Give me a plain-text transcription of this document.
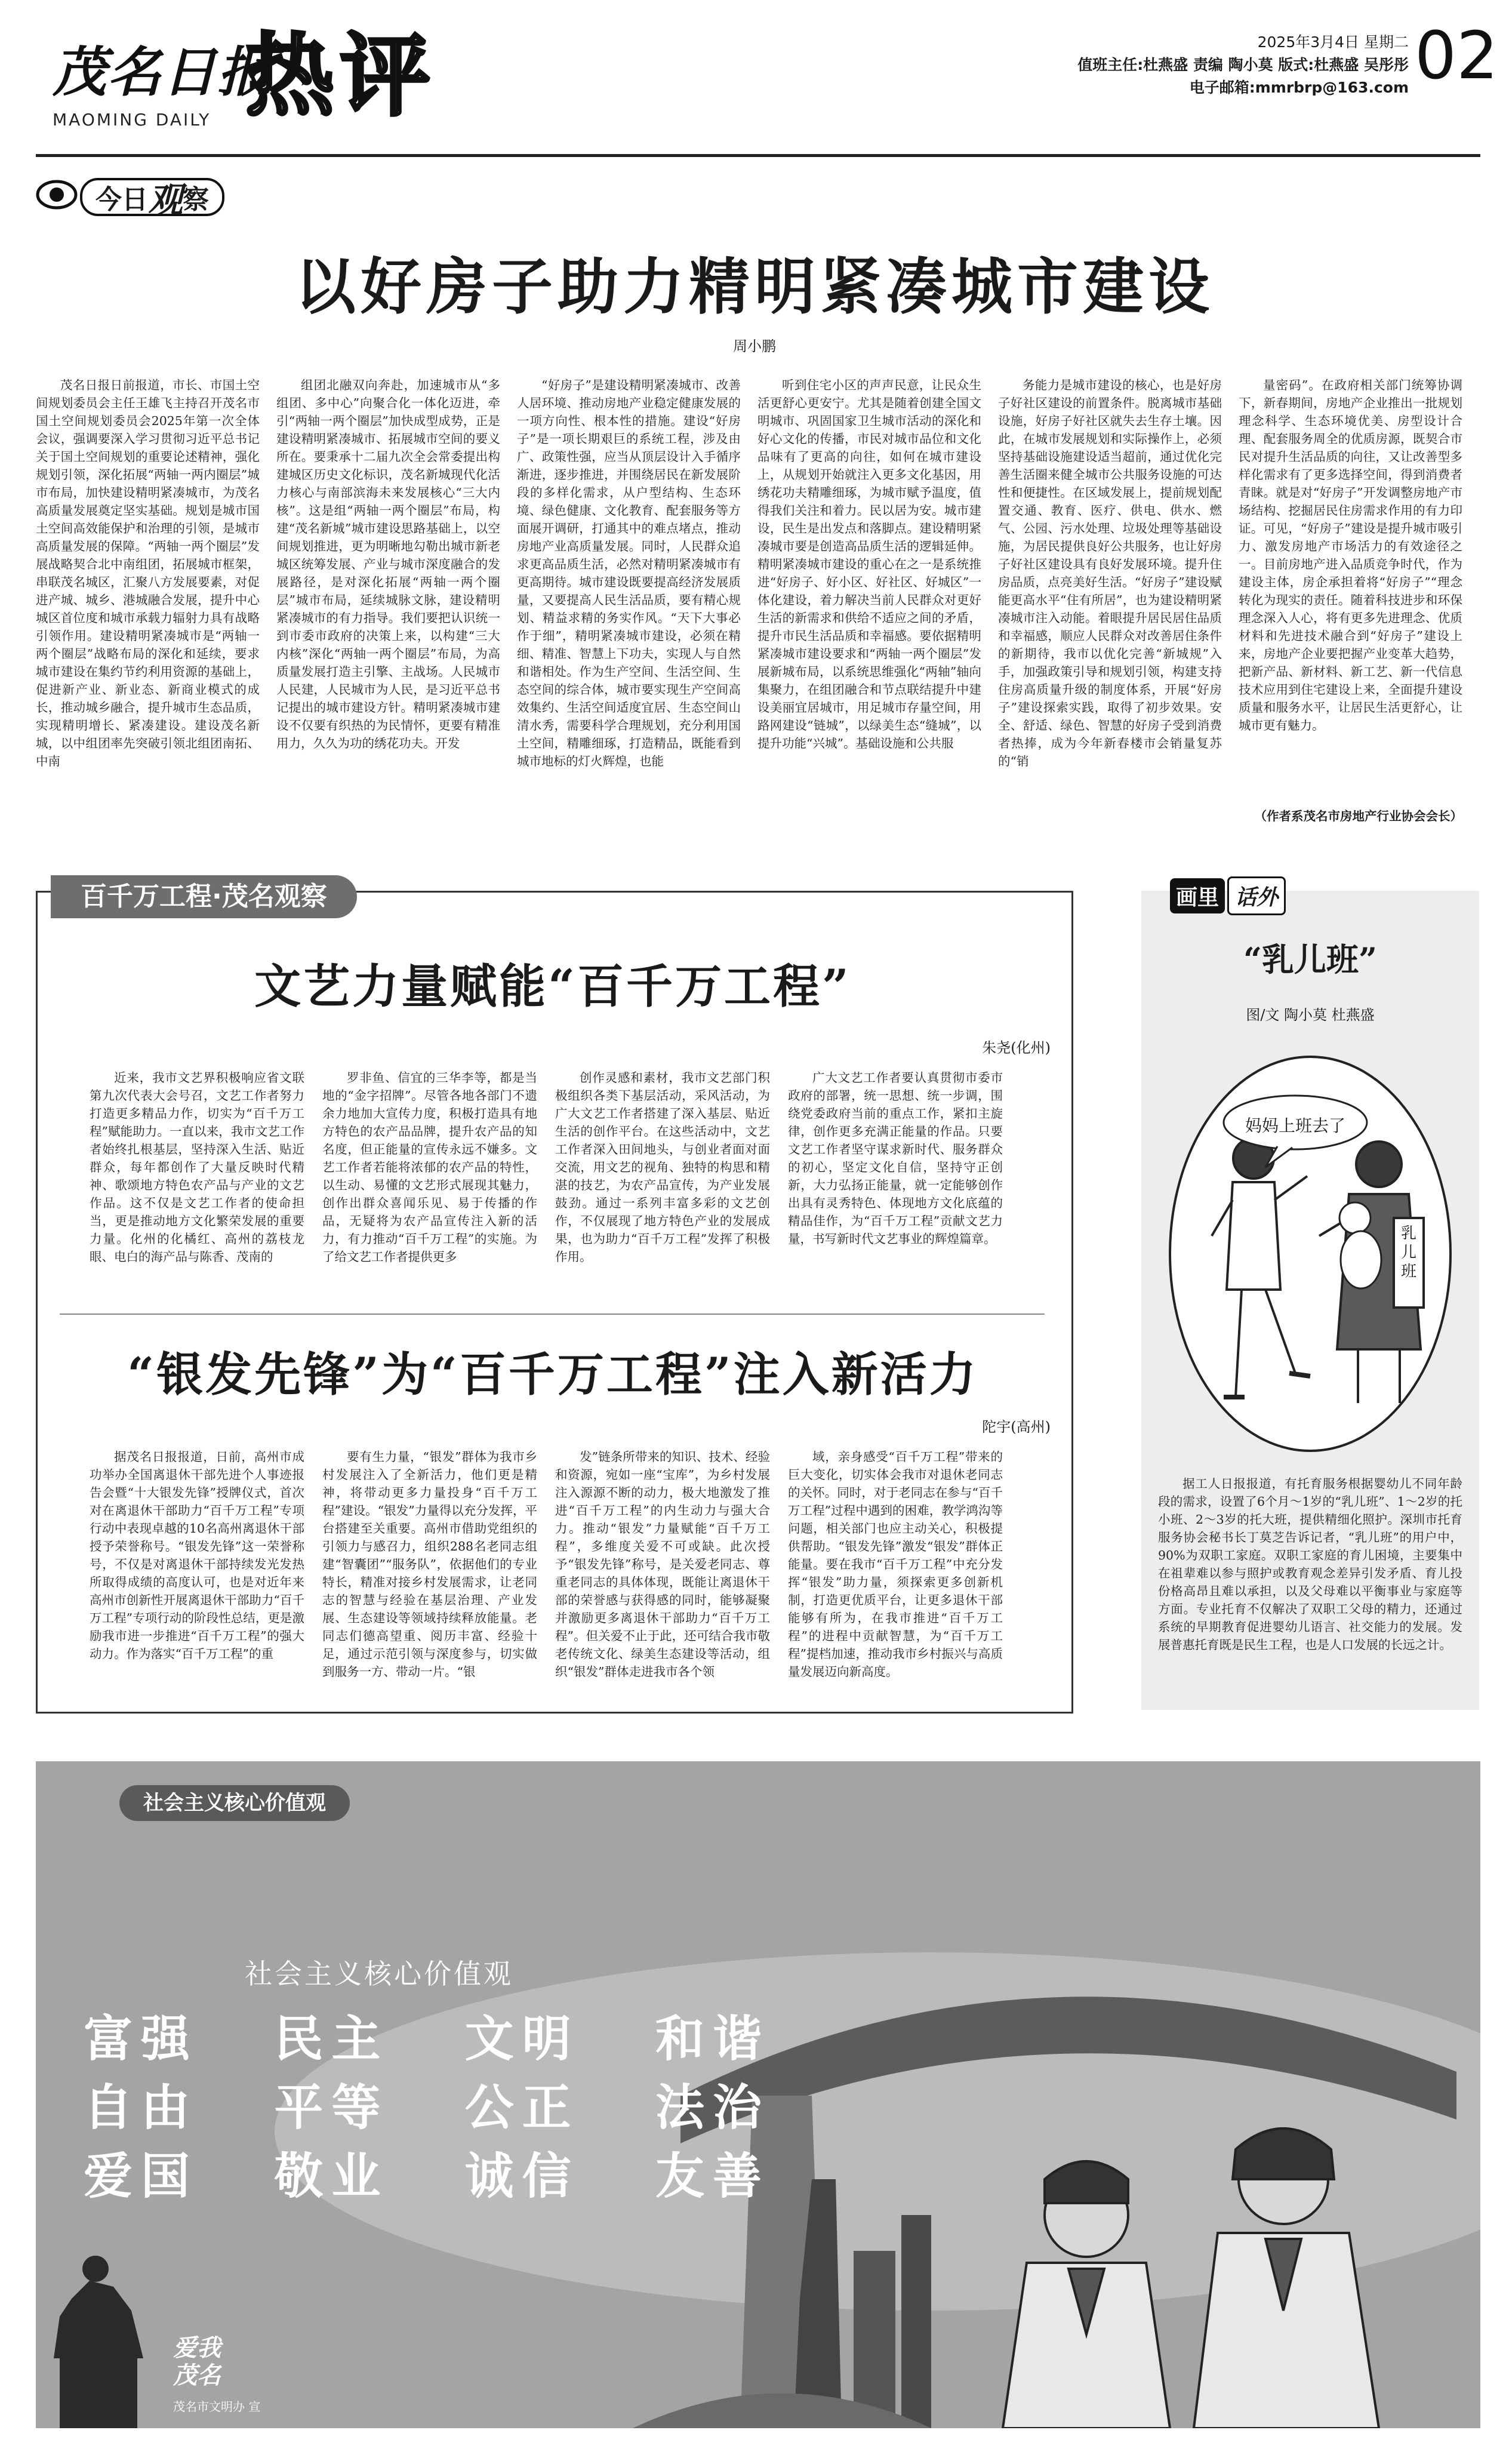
茂名日报
MAOMING DAILY 热评	2025年3月4日 星期二
值班主任:杜燕盛 责编 陶小莫 版式:杜燕盛 吴彤彤
电子邮箱:mmrbrp@163.com 02
今日 观 察
以好房子助力精明紧凑城市建设
周小鹏

茂名日报日前报道，市长、市国土空间规划委员会主任王雄飞主持召开茂名市国土空间规划委员会2025年第一次全体会议，强调要深入学习贯彻习近平总书记关于国土空间规划的重要论述精神，强化规划引领，深化拓展“两轴一两内圈层”城市布局，加快建设精明紧凑城市，为茂名高质量发展奠定坚实基础。规划是城市国土空间高效能保护和治理的引领，是城市高质量发展的保障。“两轴一两个圈层”发展战略契合北中南组团，拓展城市框架，串联茂名城区，汇聚八方发展要素，对促进产城、城乡、港城融合发展，提升中心城区首位度和城市承载力辐射力具有战略引领作用。建设精明紧凑城市是“两轴一两个圈层”战略布局的深化和延续，要求城市建设在集约节约利用资源的基础上，促进新产业、新业态、新商业模式的成长，推动城乡融合，提升城市生态品质，实现精明增长、紧凑建设。建设茂名新城，以中组团率先突破引领北组团南拓、中南

组团北融双向奔赴，加速城市从“多组团、多中心”向聚合化一体化迈进，牵引“两轴一两个圈层”加快成型成势，正是建设精明紧凑城市、拓展城市空间的要义所在。要秉承十二届九次全会常委提出构建城区历史文化标识，茂名新城现代化活力核心与南部滨海未来发展核心“三大内核”。这是组“两轴一两个圈层”布局，构建“茂名新城”城市建设思路基础上，以空间规划推进，更为明晰地勾勒出城市新老城区统筹发展、产业与城市深度融合的发展路径，是对深化拓展“两轴一两个圈层”城市布局，延续城脉文脉，建设精明紧凑城市的有力指导。我们要把认识统一到市委市政府的决策上来，以构建“三大内核”深化“两轴一两个圈层”布局，为高质量发展打造主引擎、主战场。人民城市人民建，人民城市为人民，是习近平总书记提出的城市建设方针。精明紧凑城市建设不仅要有织热的为民情怀，更要有精准用力，久久为功的绣花功夫。开发

“好房子”是建设精明紧凑城市、改善人居环境、推动房地产业稳定健康发展的一项方向性、根本性的措施。建设“好房子”是一项长期艰巨的系统工程，涉及由广、政策性强，应当从顶层设计入手循序渐进，逐步推进，并围绕居民在新发展阶段的多样化需求，从户型结构、生态环境、绿色健康、文化教育、配套服务等方面展开调研，打通其中的难点堵点，推动房地产业高质量发展。同时，人民群众追求更高品质生活，必然对精明紧凑城市有更高期待。城市建设既要提高经济发展质量，又要提高人民生活品质，要有精心规划、精益求精的务实作风。“天下大事必作于细”，精明紧凑城市建设，必须在精细、精准、智慧上下功夫，实现人与自然和谐相处。作为生产空间、生活空间、生态空间的综合体，城市要实现生产空间高效集约、生活空间适度宜居、生态空间山清水秀，需要科学合理规划，充分利用国土空间，精雕细琢，打造精品，既能看到城市地标的灯火辉煌，也能

听到住宅小区的声声民意，让民众生活更舒心更安宁。尤其是随着创建全国文明城市、巩固国家卫生城市活动的深化和好心文化的传播，市民对城市品位和文化品味有了更高的向往，如何在城市建设上，从规划开始就注入更多文化基因，用绣花功夫精雕细琢，为城市赋予温度，值得我们关注和着力。民以居为安。城市建设，民生是出发点和落脚点。建设精明紧凑城市要是创造高品质生活的逻辑延伸。精明紧凑城市建设的重心在之一是系统推进“好房子、好小区、好社区、好城区”一体化建设，着力解决当前人民群众对更好生活的新需求和供给不适应之间的矛盾，提升市民生活品质和幸福感。要依据精明紧凑城市建设要求和“两轴一两个圈层”发展新城布局，以系统思维强化“两轴”轴向集聚力，在组团融合和节点联结提升中建设美丽宜居城市，用足城市存量空间，用路网建设“链城”，以绿美生态“缝城”，以提升功能“兴城”。基础设施和公共服

务能力是城市建设的核心，也是好房子好社区建设的前置条件。脱离城市基础设施，好房子好社区就失去生存土壤。因此，在城市发展规划和实际操作上，必须坚持基础设施建设适当超前，通过优化完善生活圈来健全城市公共服务设施的可达性和便捷性。在区域发展上，提前规划配置交通、教育、医疗、供电、供水、燃气、公园、污水处理、垃圾处理等基础设施，为居民提供良好公共服务，也让好房子好社区建设具有良好发展环境。提升住房品质，点亮美好生活。“好房子”建设赋能更高水平“住有所居”，也为建设精明紧凑城市注入动能。着眼提升居民居住品质和幸福感，顺应人民群众对改善居住条件的新期待，我市以优化完善“新城规”入手，加强政策引导和规划引领，构建支持住房高质量升级的制度体系，开展“好房子”建设探索实践，取得了初步效果。安全、舒适、绿色、智慧的好房子受到消费者热捧，成为今年新春楼市会销量复苏的“销

量密码”。在政府相关部门统筹协调下，新春期间，房地产企业推出一批规划理念科学、生态环境优美、房型设计合理、配套服务周全的优质房源，既契合市民对提升生活品质的向往，又让改善型多样化需求有了更多选择空间，得到消费者青睐。就是对“好房子”开发调整房地产市场结构、挖掘居民住房需求作用的有力印证。可见，“好房子”建设是提升城市吸引力、激发房地产市场活力的有效途径之一。目前房地产进入品质竞争时代，作为建设主体，房企承担着将“好房子”“理念转化为现实的责任。随着科技进步和环保理念深入人心，将有更多先进理念、优质材料和先进技术融合到“好房子”建设上来，房地产企业要把握产业变革大趋势，把新产品、新材料、新工艺、新一代信息技术应用到住宅建设上来，全面提升建设质量和服务水平，让居民生活更舒心，让城市更有魅力。

（作者系茂名市房地产行业协会会长）
百千万工程·茂名观察
文艺力量赋能“百千万工程”
朱尧(化州)

近来，我市文艺界积极响应省文联第九次代表大会号召，文艺工作者努力打造更多精品力作，切实为“百千万工程”赋能助力。一直以来，我市文艺工作者始终扎根基层，坚持深入生活、贴近群众，每年都创作了大量反映时代精神、歌颂地方特色农产品与产业的文艺作品。这不仅是文艺工作者的使命担当，更是推动地方文化繁荣发展的重要力量。化州的化橘红、高州的荔枝龙眼、电白的海产品与陈香、茂南的

罗非鱼、信宜的三华李等，都是当地的“金字招牌”。尽管各地各部门不遗余力地加大宣传力度，积极打造具有地方特色的农产品品牌，提升农产品的知名度，但正能量的宣传永远不嫌多。文艺工作者若能将浓郁的农产品的特性，以生动、易懂的文艺形式展现其魅力，创作出群众喜闻乐见、易于传播的作品，无疑将为农产品宣传注入新的活力，有力推动“百千万工程”的实施。为了给文艺工作者提供更多

创作灵感和素材，我市文艺部门积极组织各类下基层活动，采风活动，为广大文艺工作者搭建了深入基层、贴近生活的创作平台。在这些活动中，文艺工作者深入田间地头，与创业者面对面交流，用文艺的视角、独特的构思和精湛的技艺，为农产品宣传，为产业发展鼓劲。通过一系列丰富多彩的文艺创作，不仅展现了地方特色产业的发展成果，也为助力“百千万工程”发挥了积极作用。

广大文艺工作者要认真贯彻市委市政府的部署，统一思想、统一步调，围绕党委政府当前的重点工作，紧扣主旋律，创作更多充满正能量的作品。只要文艺工作者坚守谋求新时代、服务群众的初心，坚定文化自信，坚持守正创新，大力弘扬正能量，就一定能够创作出具有灵秀特色、体现地方文化底蕴的精品佳作，为“百千万工程”贡献文艺力量，书写新时代文艺事业的辉煌篇章。

“银发先锋”为“百千万工程”注入新活力
陀宇(高州)

据茂名日报报道，日前，高州市成功举办全国离退休干部先进个人事迹报告会暨“十大银发先锋”授牌仪式，首次对在离退休干部助力“百千万工程”专项行动中表现卓越的10名高州离退休干部授予荣誉称号。“银发先锋”这一荣誉称号，不仅是对离退休干部持续发光发热所取得成绩的高度认可，也是对近年来高州市创新性开展离退休干部助力“百千万工程”专项行动的阶段性总结，更是激励我市进一步推进“百千万工程”的强大动力。作为落实“百千万工程”的重

要有生力量，“银发”群体为我市乡村发展注入了全新活力，他们更是精神，将带动更多力量投身“百千万工程”建设。“银发”力量得以充分发挥，平台搭建至关重要。高州市借助党组织的引领力与感召力，组织288名老同志组建“智囊团”“服务队”，依据他们的专业特长，精准对接乡村发展需求，让老同志的智慧与经验在基层治理、产业发展、生态建设等领域持续释放能量。老同志们德高望重、阅历丰富、经验十足，通过示范引领与深度参与，切实做到服务一方、带动一片。“银

发”链条所带来的知识、技术、经验和资源，宛如一座“宝库”，为乡村发展注入源源不断的动力，极大地激发了推进“百千万工程”的内生动力与强大合力。推动“银发”力量赋能“百千万工程”，多维度关爱不可或缺。此次授予“银发先锋”称号，是关爱老同志、尊重老同志的具体体现，既能让离退休干部的荣誉感与获得感的同时，能够凝聚并激励更多离退休干部助力“百千万工程”。但关爱不止于此，还可结合我市敬老传统文化、绿美生态建设等活动，组织“银发”群体走进我市各个领

域，亲身感受“百千万工程”带来的巨大变化，切实体会我市对退休老同志的关怀。同时，对于老同志在参与“百千万工程”过程中遇到的困难，教学鸿沟等问题，相关部门也应主动关心，积极提供帮助。“银发先锋”激发“银发”群体正能量。要在我市“百千万工程”中充分发挥“银发”助力量，须探索更多创新机制，打造更优质平台，让更多退休干部能够有所为，在我市推进“百千万工程”的进程中贡献智慧，为“百千万工程”提档加速，推动我市乡村振兴与高质量发展迈向新高度。

画里 话外
“乳儿班”
图/文 陶小莫 杜燕盛
妈妈上班去了
乳儿班

据工人日报报道，有托育服务根据婴幼儿不同年龄段的需求，设置了6个月～1岁的“乳儿班”、1～2岁的托小班、2～3岁的托大班，提供精细化照护。深圳市托育服务协会秘书长丁莫芝告诉记者，“乳儿班”的用户中，90%为双职工家庭。双职工家庭的育儿困境，主要集中在祖辈难以参与照护或教育观念差异引发矛盾、育儿投份格高昂且难以承担，以及父母难以平衡事业与家庭等方面。专业托育不仅解决了双职工父母的精力，还通过系统的早期教育促进婴幼儿语言、社交能力的发展。发展普惠托育既是民生工程，也是人口发展的长远之计。

社会主义核心价值观
社会主义核心价值观
富强 民主 文明 和谐
自由 平等 公正 法治
爱国 敬业 诚信 友善
爱我
茂名
茂名市文明办 宣
